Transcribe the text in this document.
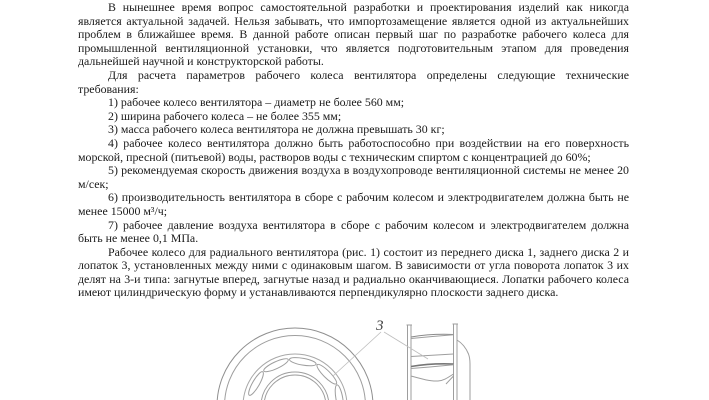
В нынешнее время вопрос самостоятельной разработки и проектирования изделий как никогда является актуальной задачей. Нельзя забывать, что импортозамещение является одной из актуальнейших проблем в ближайшее время. В данной работе описан первый шаг по разработке рабочего колеса для промышленной вентиляционной установки, что является подготовительным этапом для проведения дальнейшей научной и конструкторской работы.

Для расчета параметров рабочего колеса вентилятора определены следующие технические требования:

1) рабочее колесо вентилятора – диаметр не более 560 мм;

2) ширина рабочего колеса – не более 355 мм;

3) масса рабочего колеса вентилятора не должна превышать 30 кг;

4) рабочее колесо вентилятора должно быть работоспособно при воздействии на его поверхность морской, пресной (питьевой) воды, растворов воды с техническим спиртом с концентрацией до 60%;

5) рекомендуемая скорость движения воздуха в воздухопроводе вентиляционной системы не менее 20 м/сек;

6) производительность вентилятора в сборе с рабочим колесом и электродвигателем должна быть не менее 15000 м³/ч;

7) рабочее давление воздуха вентилятора в сборе с рабочим колесом и электродвигателем должна быть не менее 0,1 МПа.

Рабочее колесо для радиального вентилятора (рис. 1) состоит из переднего диска 1, заднего диска 2 и лопаток 3, установленных между ними с одинаковым шагом. В зависимости от угла поворота лопаток 3 их делят на 3-и типа: загнутые вперед, загнутые назад и радиально оканчивающиеся. Лопатки рабочего колеса имеют цилиндрическую форму и устанавливаются перпендикулярно плоскости заднего диска.

3
